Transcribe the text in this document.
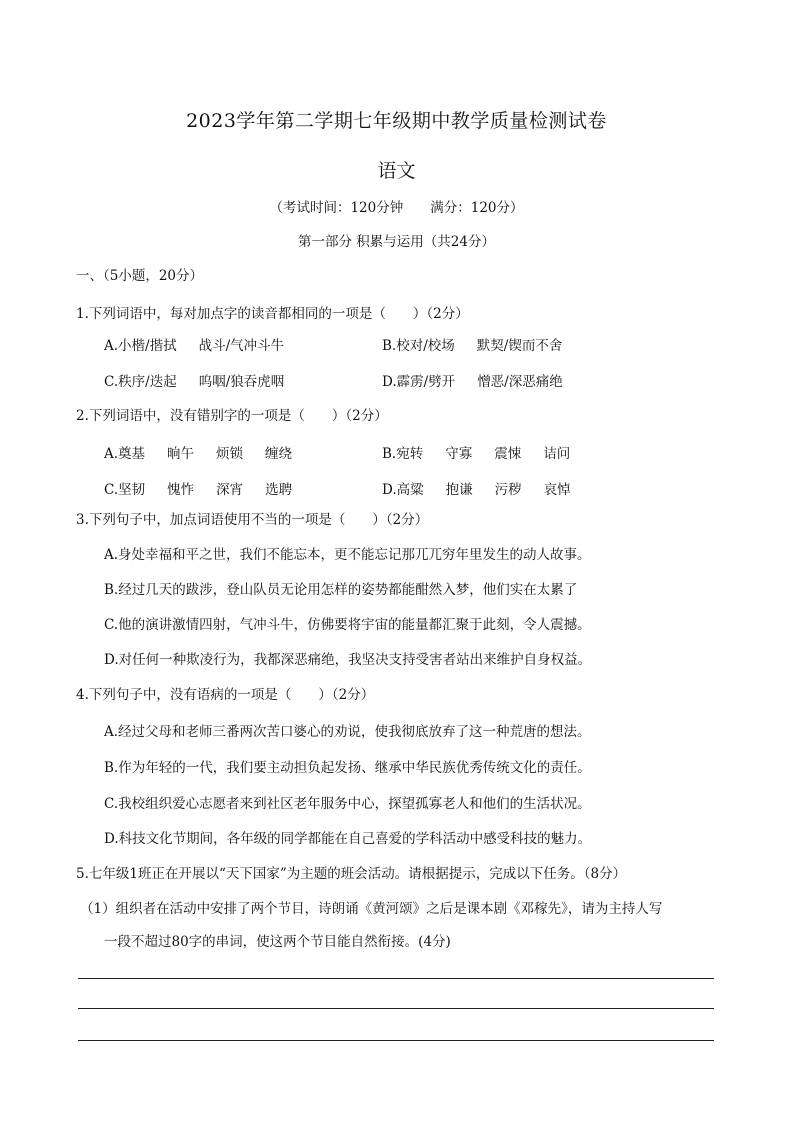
2023学年第二学期七年级期中教学质量检测试卷
语文
（考试时间：120分钟　　满分：120分）
第一部分 积累与运用（共24分）
一、（5小题，20分）
1.下列词语中，每对加点字的读音都相同的一项是（　　）（2分）
A.小楷/揩拭 战斗/气冲斗牛	B.校对/校场 默契/锲而不舍
C.秩序/迭起 呜咽/狼吞虎咽	D.霹雳/劈开 憎恶/深恶痛绝
2.下列词语中，没有错别字的一项是（　　）（2分）
A.奠基 晌午 烦锁 缠绕	B.宛转 守寡 震悚 诘问
C.坚韧 愧怍 深宵 选聘	D.高粱 抱谦 污秽 哀悼
3.下列句子中，加点词语使用不当的一项是（　　）（2分）
A.身处幸福和平之世，我们不能忘本，更不能忘记那兀兀穷年里发生的动人故事。
B.经过几天的跋涉，登山队员无论用怎样的姿势都能酣然入梦，他们实在太累了
C.他的演讲激情四射，气冲斗牛，仿佛要将宇宙的能量都汇聚于此刻，令人震撼。
D.对任何一种欺凌行为，我都深恶痛绝，我坚决支持受害者站出来维护自身权益。
4.下列句子中，没有语病的一项是（　　）（2分）
A.经过父母和老师三番两次苦口婆心的劝说，使我彻底放弃了这一种荒唐的想法。
B.作为年轻的一代，我们要主动担负起发扬、继承中华民族优秀传统文化的责任。
C.我校组织爱心志愿者来到社区老年服务中心，探望孤寡老人和他们的生活状况。
D.科技文化节期间，各年级的同学都能在自己喜爱的学科活动中感受科技的魅力。
5.七年级1班正在开展以“天下国家”为主题的班会活动。请根据提示，完成以下任务。（8分）
（1）组织者在活动中安排了两个节目，诗朗诵《黄河颂》之后是课本剧《邓稼先》，请为主持人写
一段不超过80字的串词，使这两个节目能自然衔接。(4分)
